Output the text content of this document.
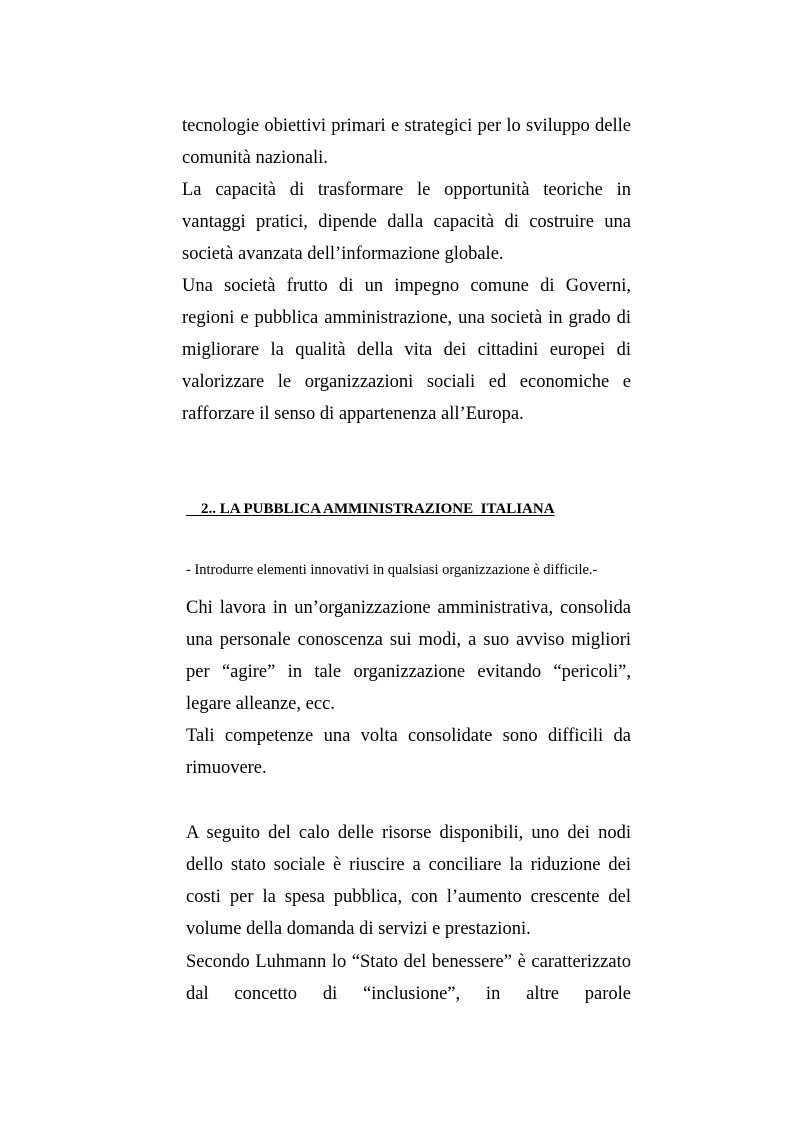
tecnologie obiettivi primari e strategici per lo sviluppo delle
comunità nazionali.
La capacità di trasformare le opportunità teoriche in
vantaggi pratici, dipende dalla capacità di costruire una
società avanzata dell’informazione globale.
Una società frutto di un impegno comune di Governi,
regioni e pubblica amministrazione, una società in grado di
migliorare la qualità della vita dei cittadini europei di
valorizzare le organizzazioni sociali ed economiche e
rafforzare il senso di appartenenza all’Europa.
2.. LA PUBBLICA AMMINISTRAZIONE  ITALIANA
- Introdurre elementi innovativi in qualsiasi organizzazione è difficile.-
Chi lavora in un’organizzazione amministrativa, consolida
una personale conoscenza sui modi, a suo avviso migliori
per “agire” in tale organizzazione evitando “pericoli”,
legare alleanze, ecc.
Tali competenze una volta consolidate sono difficili da
rimuovere.
A seguito del calo delle risorse disponibili, uno dei nodi
dello stato sociale è riuscire a conciliare la riduzione dei
costi per la spesa pubblica, con l’aumento crescente del
volume della domanda di servizi e prestazioni.
Secondo Luhmann lo “Stato del benessere” è caratterizzato
dal concetto di “inclusione”, in altre parole
